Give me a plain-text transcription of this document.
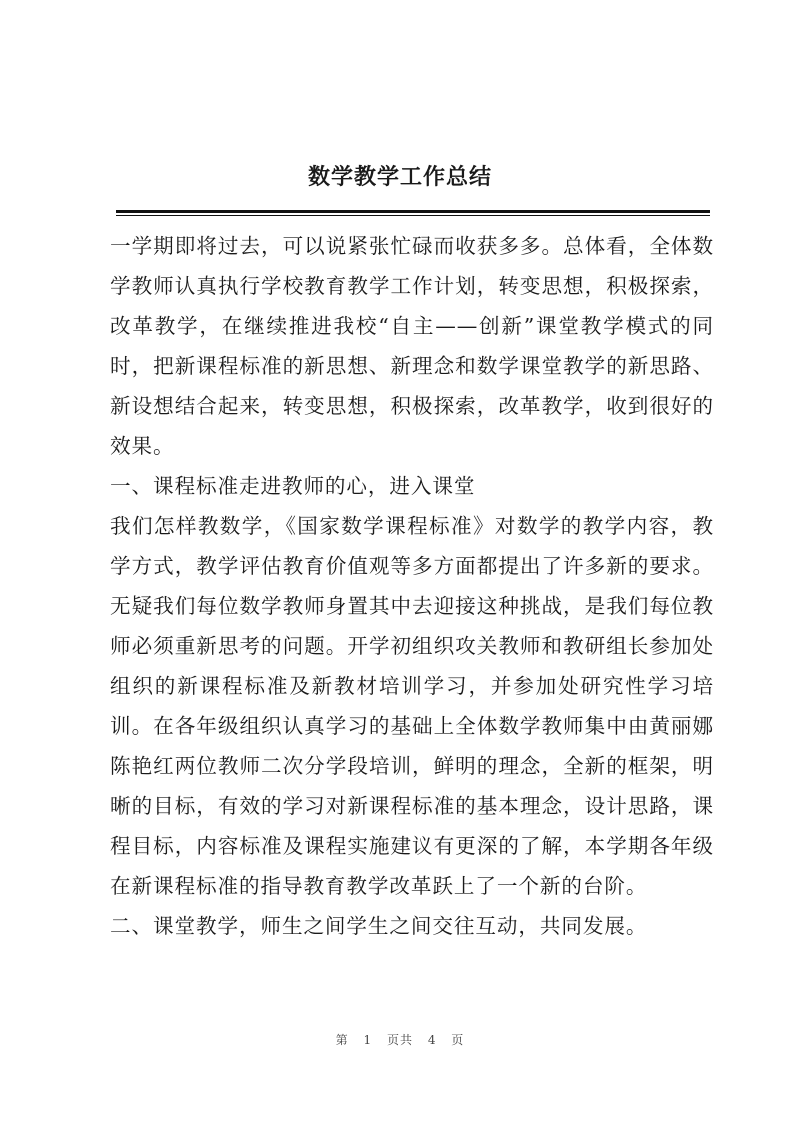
数学教学工作总结

一学期即将过去，可以说紧张忙碌而收获多多。总体看，全体数学教师认真执行学校教育教学工作计划，转变思想，积极探索，改革教学，在继续推进我校“自主——创新”课堂教学模式的同时，把新课程标准的新思想、新理念和数学课堂教学的新思路、新设想结合起来，转变思想，积极探索，改革教学，收到很好的效果。

一、课程标准走进教师的心，进入课堂

我们怎样教数学，《国家数学课程标准》对数学的教学内容，教学方式，教学评估教育价值观等多方面都提出了许多新的要求。无疑我们每位数学教师身置其中去迎接这种挑战，是我们每位教师必须重新思考的问题。开学初组织攻关教师和教研组长参加处组织的新课程标准及新教材培训学习，并参加处研究性学习培训。在各年级组织认真学习的基础上全体数学教师集中由黄丽娜陈艳红两位教师二次分学段培训，鲜明的理念，全新的框架，明晰的目标，有效的学习对新课程标准的基本理念，设计思路，课程目标，内容标准及课程实施建议有更深的了解，本学期各年级在新课程标准的指导教育教学改革跃上了一个新的台阶。

二、课堂教学，师生之间学生之间交往互动，共同发展。

第 1 页共 4 页
